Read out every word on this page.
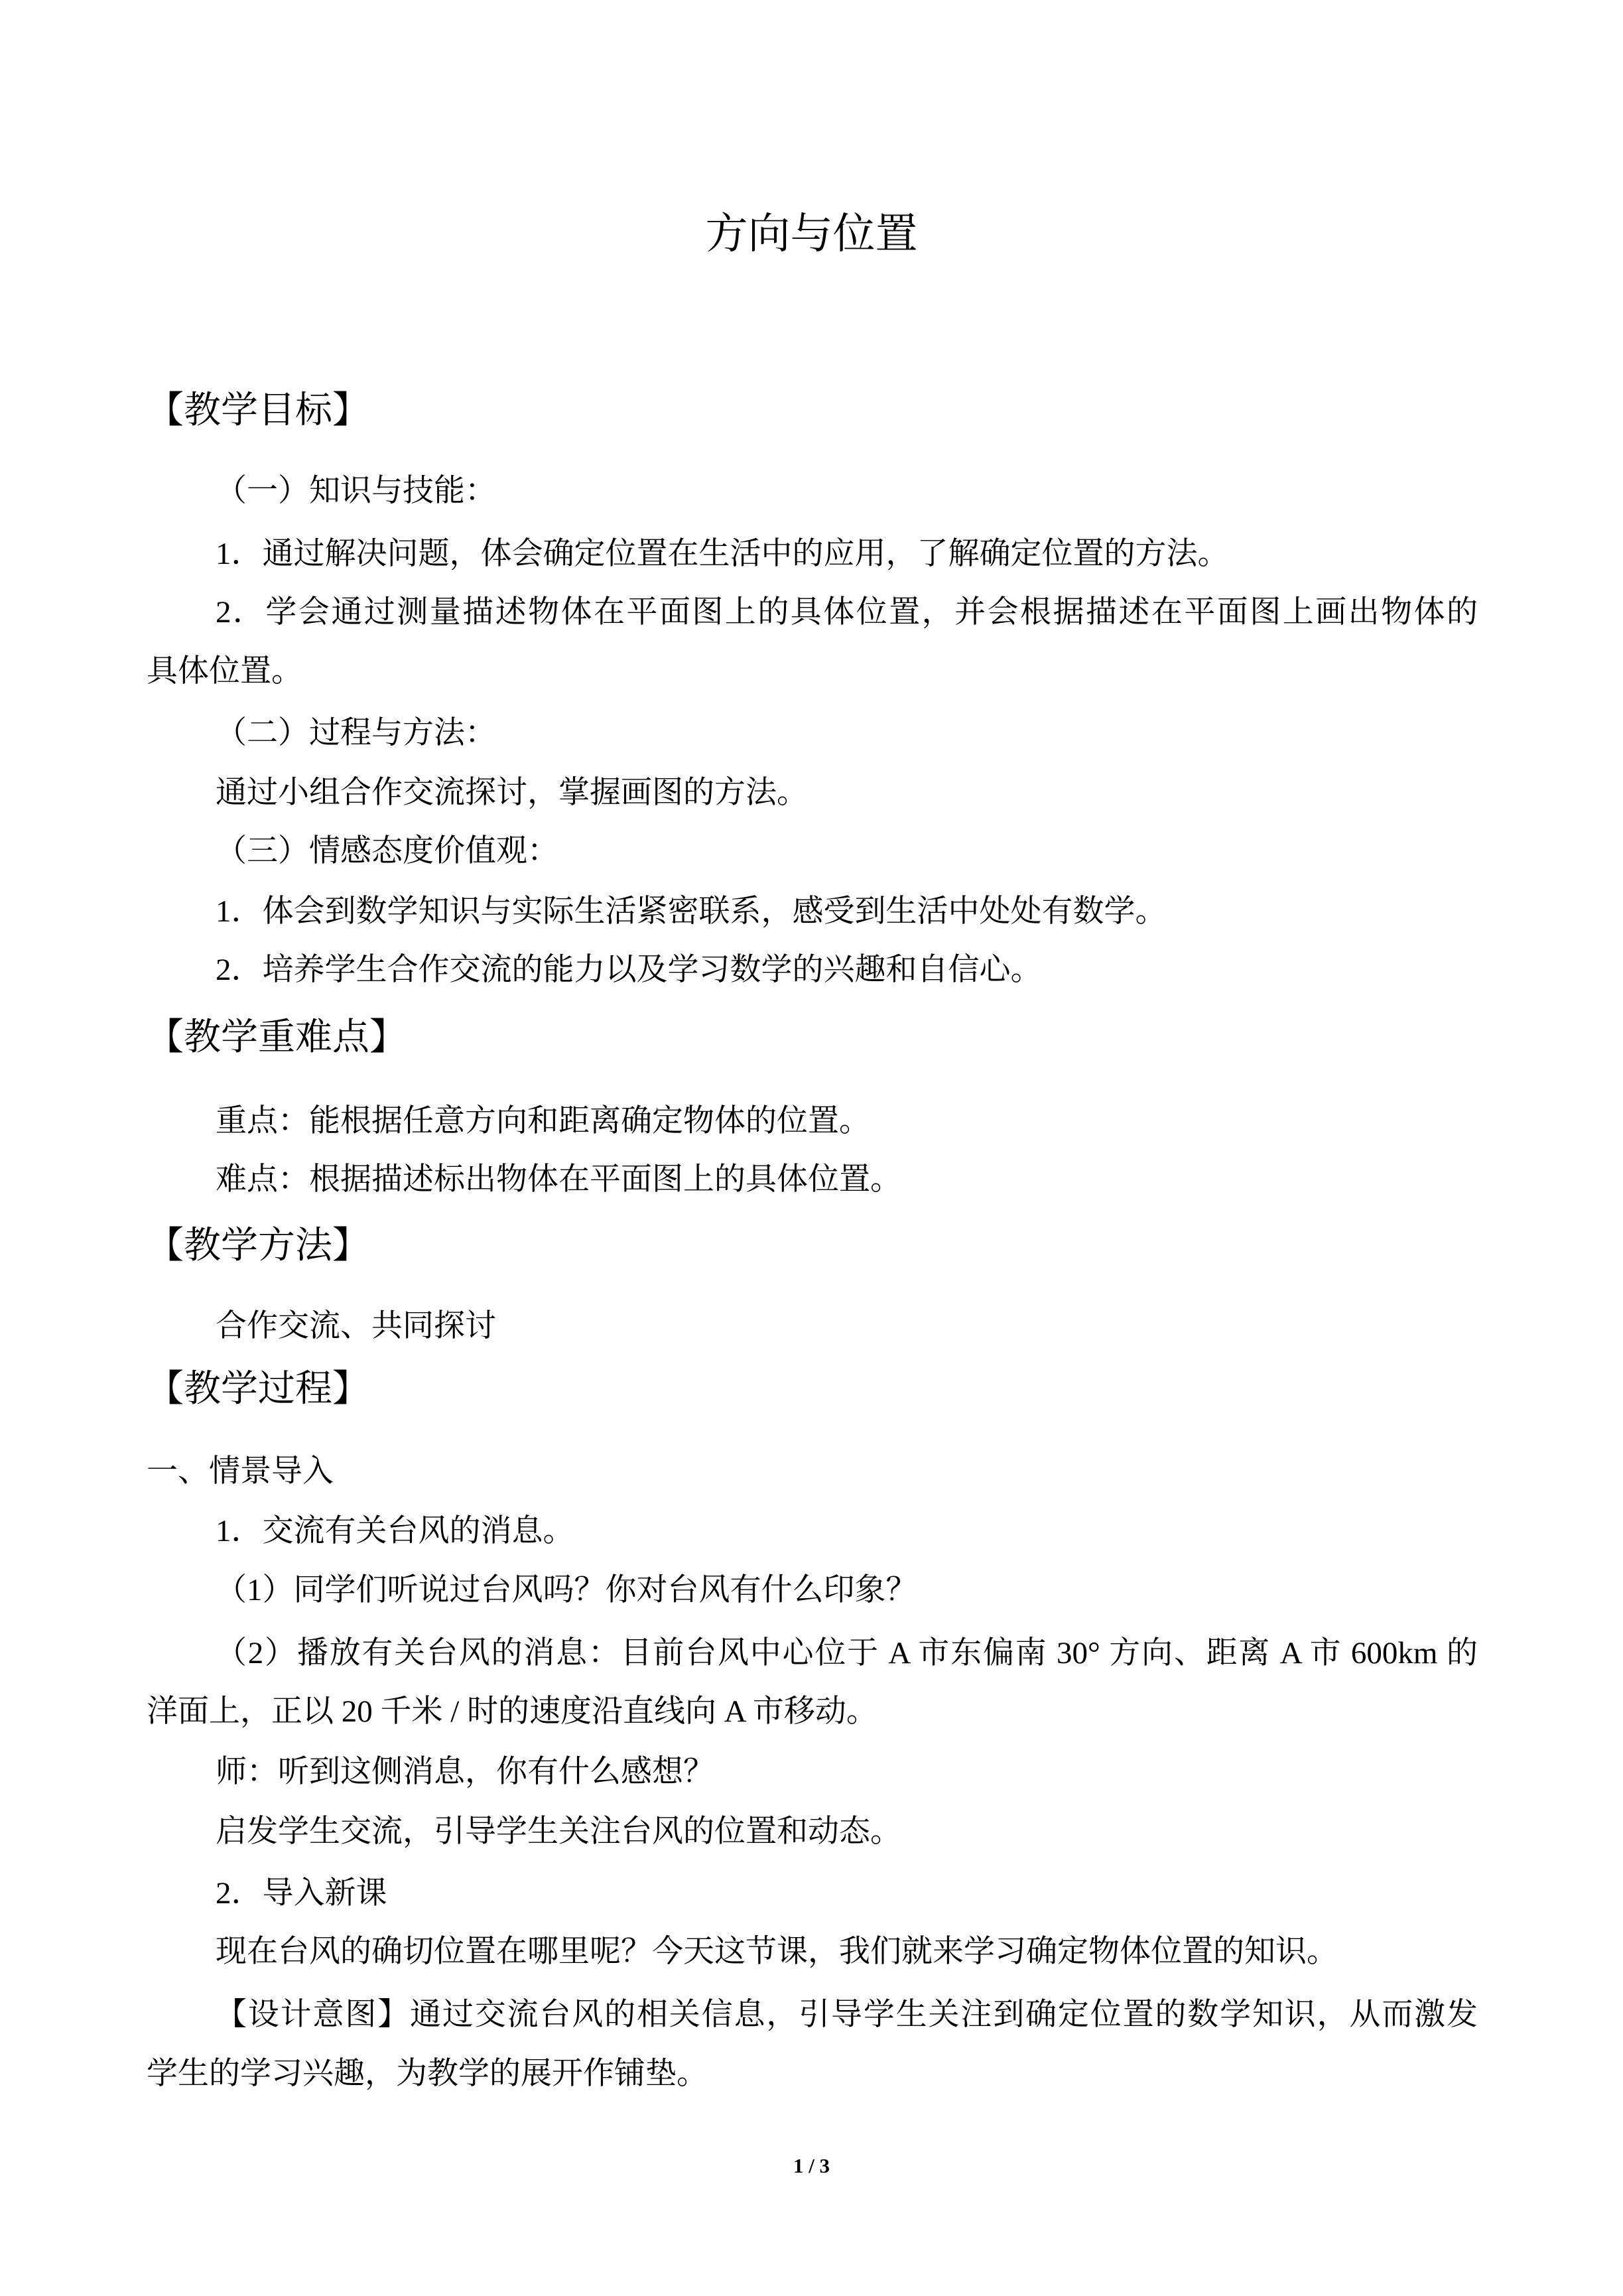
方向与位置
【教学目标】
（一）知识与技能：
1．通过解决问题，体会确定位置在生活中的应用，了解确定位置的方法。
2．学会通过测量描述物体在平面图上的具体位置，并会根据描述在平面图上画出物体的
具体位置。
（二）过程与方法：
通过小组合作交流探讨，掌握画图的方法。
（三）情感态度价值观：
1．体会到数学知识与实际生活紧密联系，感受到生活中处处有数学。
2．培养学生合作交流的能力以及学习数学的兴趣和自信心。
【教学重难点】
重点：能根据任意方向和距离确定物体的位置。
难点：根据描述标出物体在平面图上的具体位置。
【教学方法】
合作交流、共同探讨
【教学过程】
一、情景导入
1．交流有关台风的消息。
（1）同学们听说过台风吗？你对台风有什么印象？
（2）播放有关台风的消息：目前台风中心位于 A 市东偏南 30° 方向、距离 A 市 600km 的
洋面上，正以 20 千米 / 时的速度沿直线向 A 市移动。
师：听到这侧消息，你有什么感想？
启发学生交流，引导学生关注台风的位置和动态。
2．导入新课
现在台风的确切位置在哪里呢？今天这节课，我们就来学习确定物体位置的知识。
【设计意图】通过交流台风的相关信息，引导学生关注到确定位置的数学知识，从而激发
学生的学习兴趣，为教学的展开作铺垫。
1 / 3
